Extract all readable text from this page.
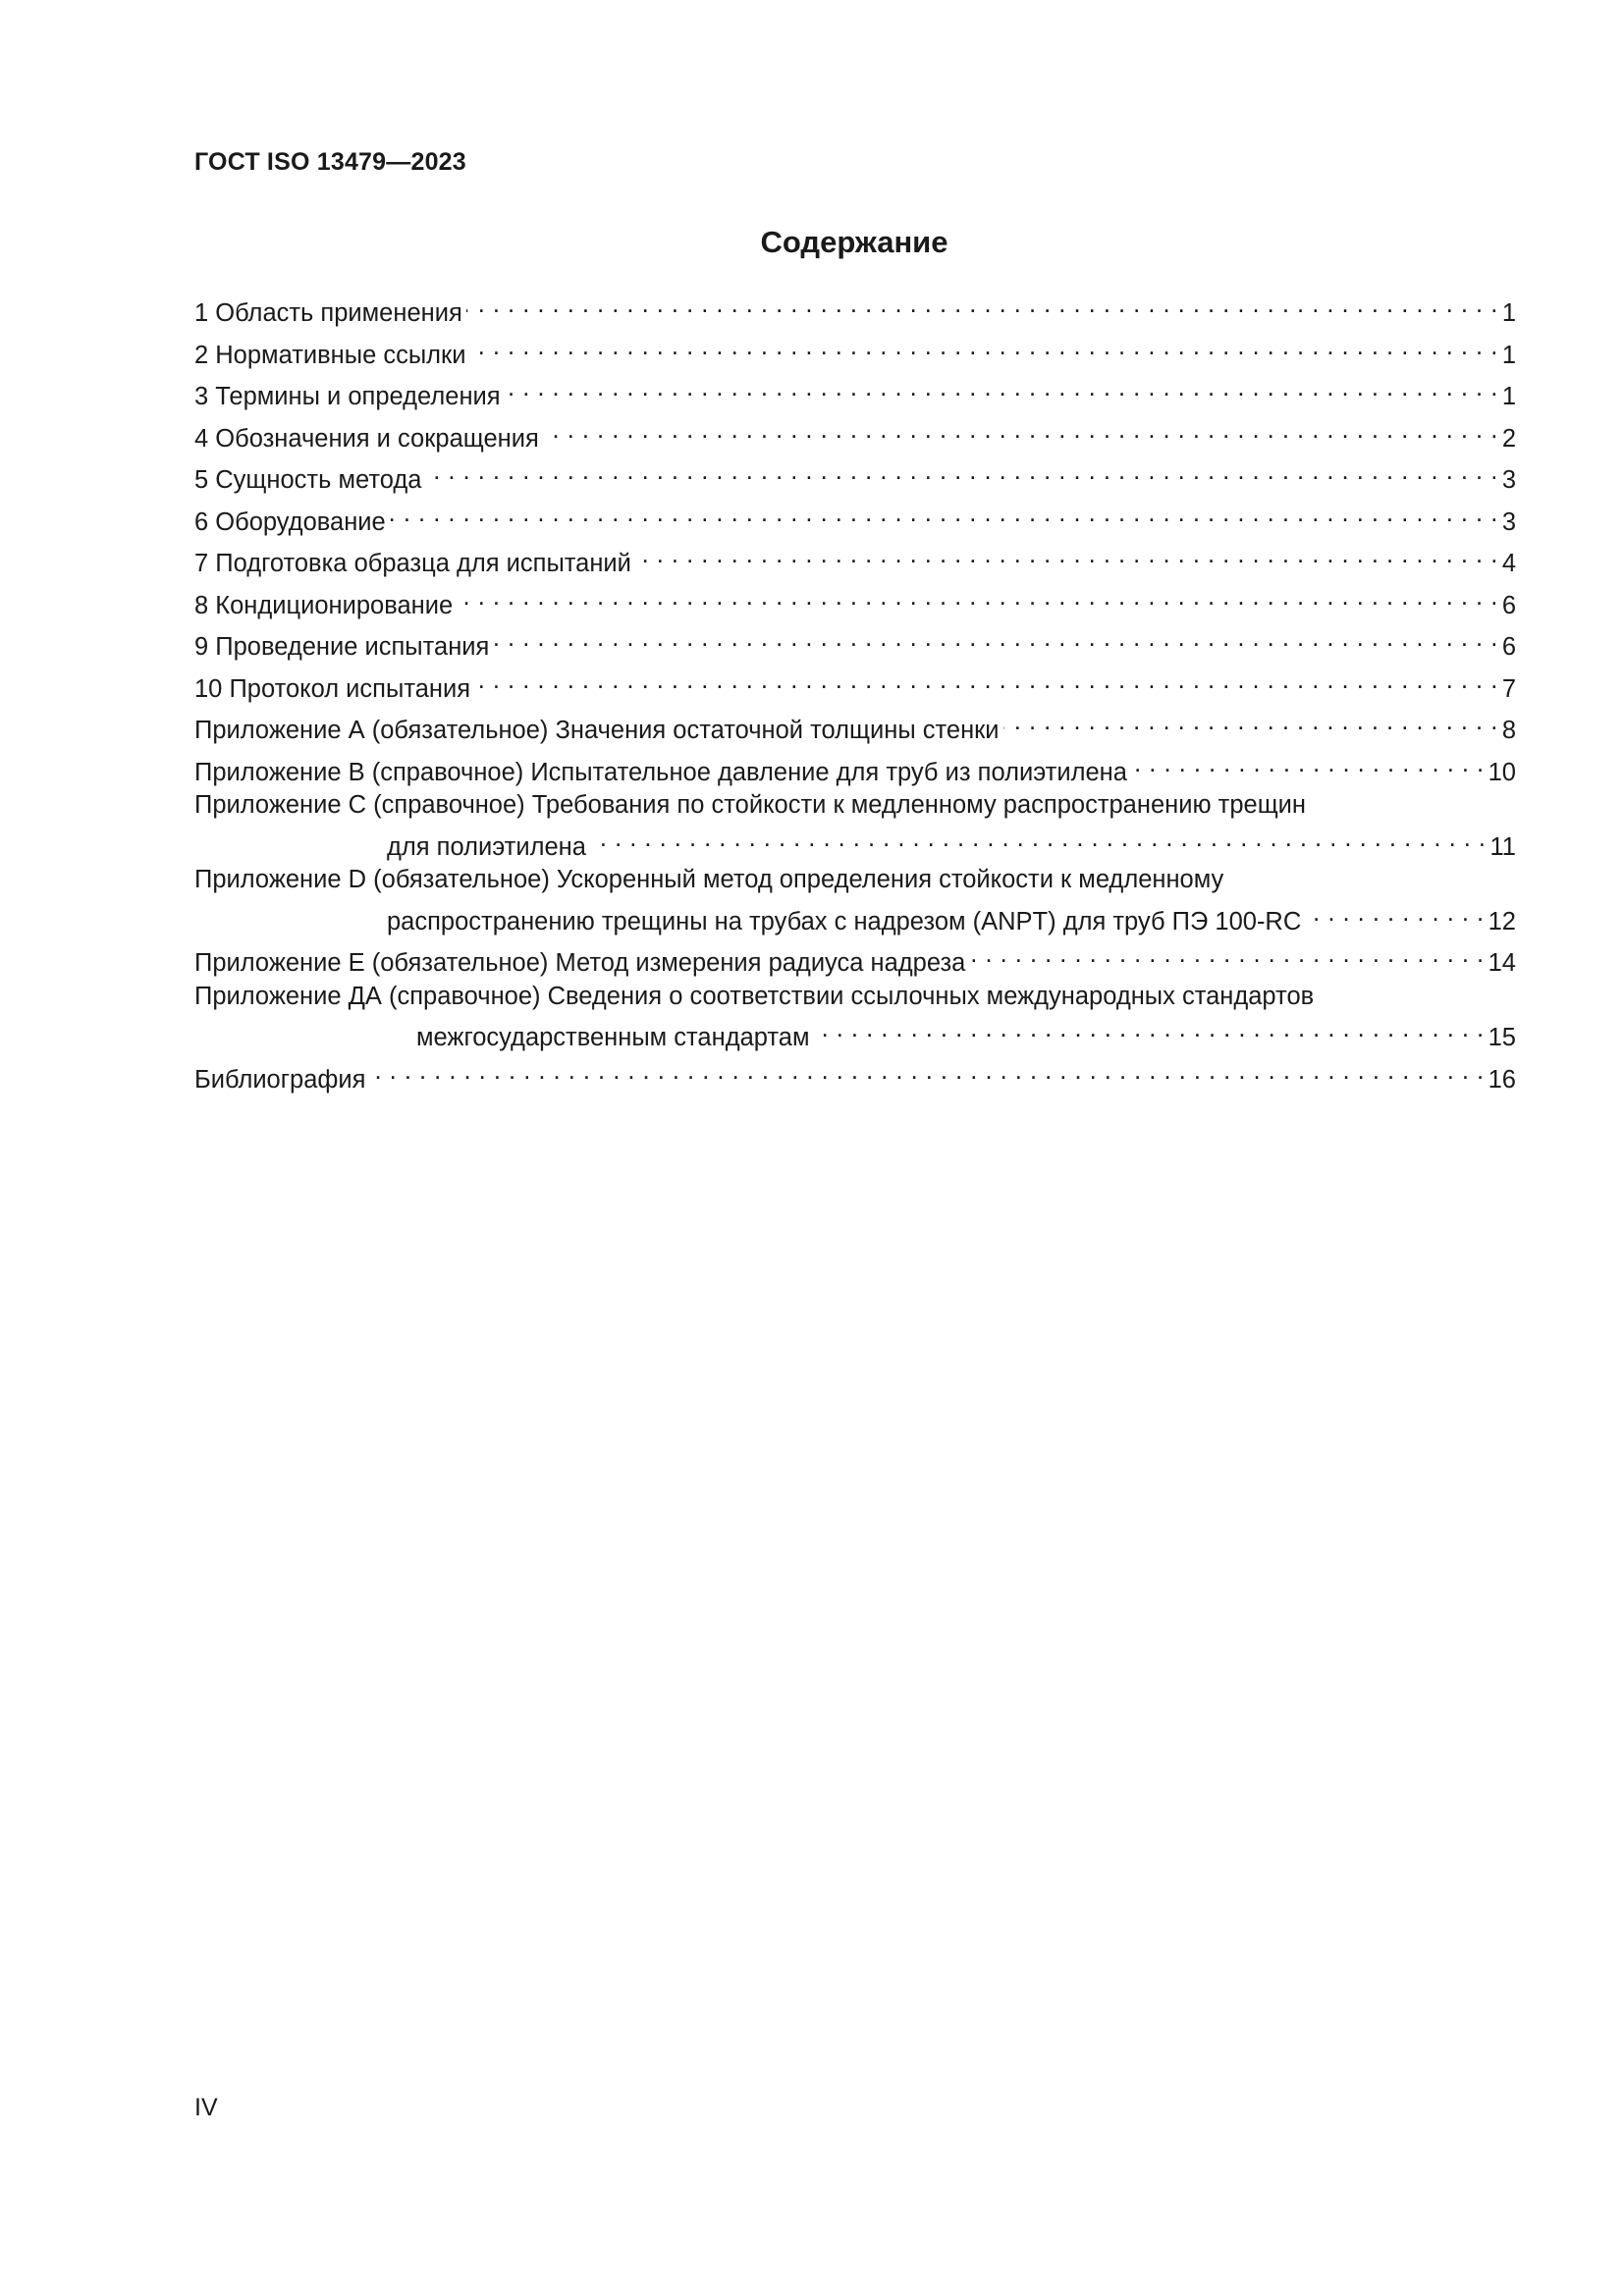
ГОСТ ISO 13479—2023
Содержание
1 Область применения . . .	1
2 Нормативные ссылки . . .	1
3 Термины и определения . . .	1
4 Обозначения и сокращения . . .	2
5 Сущность метода . . .	3
6 Оборудование . . .	3
7 Подготовка образца для испытаний . . .	4
8 Кондиционирование . . .	6
9 Проведение испытания . . .	6
10 Протокол испытания . . .	7
Приложение А (обязательное) Значения остаточной толщины стенки . . .	8
Приложение В (справочное) Испытательное давление для труб из полиэтилена . . .	10
Приложение С (справочное) Требования по стойкости к медленному распространению трещин
для полиэтилена . . .	11
Приложение D (обязательное) Ускоренный метод определения стойкости к медленному
распространению трещины на трубах с надрезом (ANPT) для труб ПЭ 100-RC . . .	12
Приложение Е (обязательное) Метод измерения радиуса надреза . . .	14
Приложение ДА (справочное) Сведения о соответствии ссылочных международных стандартов
межгосударственным стандартам . . .	15
Библиография . . .	16
IV
